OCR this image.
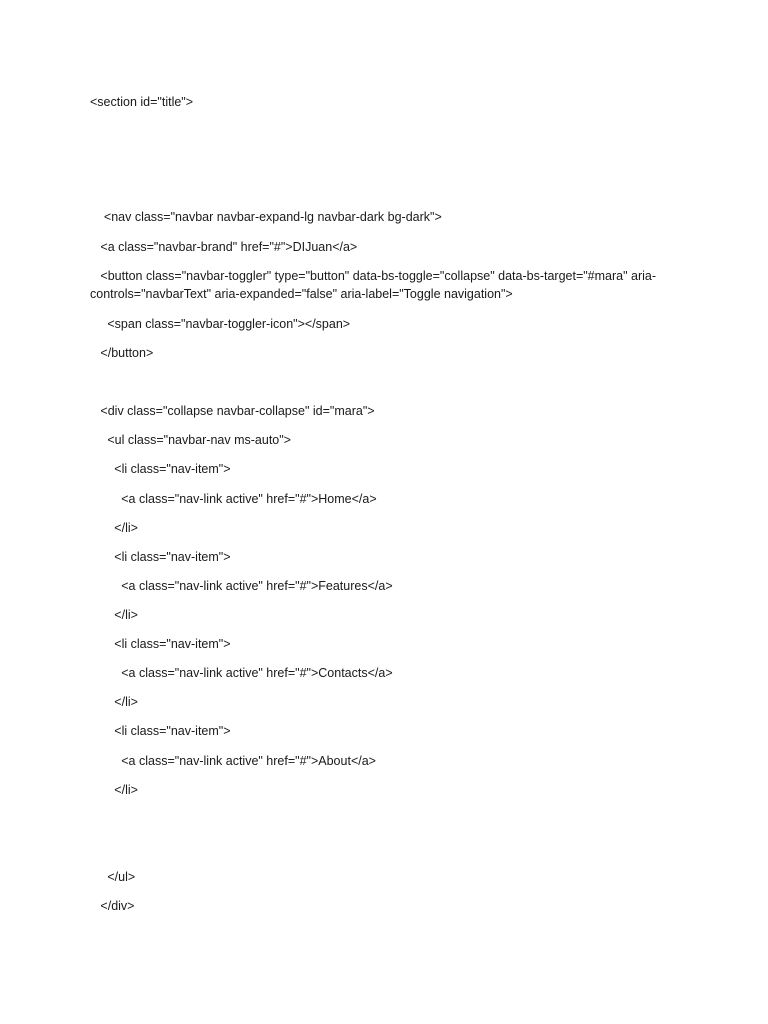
<section id="title">
<nav class="navbar navbar-expand-lg navbar-dark bg-dark">
<a class="navbar-brand" href="#">DIJuan</a>
<button class="navbar-toggler" type="button" data-bs-toggle="collapse" data-bs-target="#mara" aria-controls="navbarText" aria-expanded="false" aria-label="Toggle navigation">
<span class="navbar-toggler-icon"></span>
</button>
<div class="collapse navbar-collapse" id="mara">
<ul class="navbar-nav ms-auto">
<li class="nav-item">
<a class="nav-link active" href="#">Home</a>
</li>
<li class="nav-item">
<a class="nav-link active" href="#">Features</a>
</li>
<li class="nav-item">
<a class="nav-link active" href="#">Contacts</a>
</li>
<li class="nav-item">
<a class="nav-link active" href="#">About</a>
</li>
</ul>
</div>
